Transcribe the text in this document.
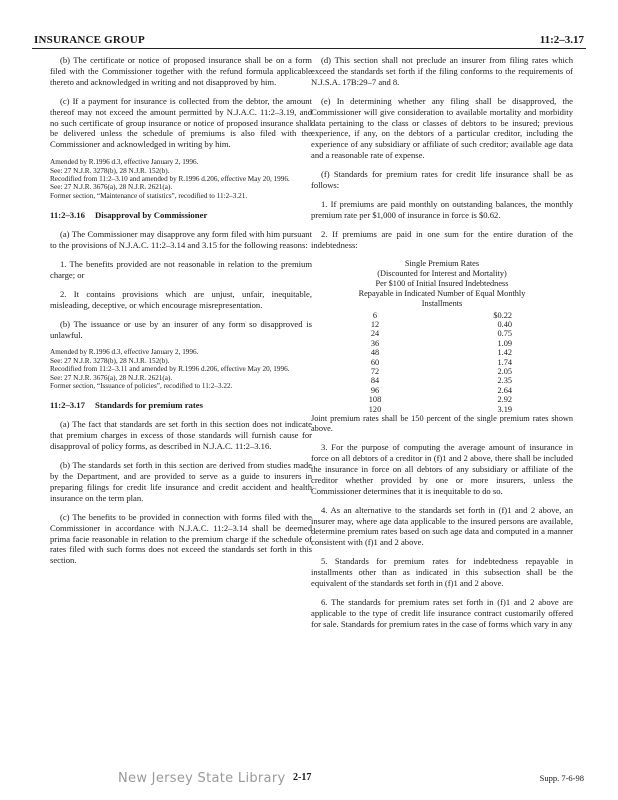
INSURANCE GROUP	11:2–3.17

(b) The certificate or notice of proposed insurance shall be on a form filed with the Commissioner together with the refund formula applicable thereto and acknowledged in writing and not disapproved by him.

(c) If a payment for insurance is collected from the debtor, the amount thereof may not exceed the amount permitted by N.J.A.C. 11:2–3.19, and no such certificate of group insurance or notice of proposed insurance shall be delivered unless the schedule of premiums is also filed with the Commissioner and acknowledged in writing by him.

Amended by R.1996 d.3, effective January 2, 1996.
See: 27 N.J.R. 3278(b), 28 N.J.R. 152(b).
Recodified from 11:2–3.10 and amended by R.1996 d.206, effective May 20, 1996.
See: 27 N.J.R. 3676(a), 28 N.J.R. 2621(a).
Former section, “Maintenance of statistics”, recodified to 11:2–3.21.

11:2–3.16 Disapproval by Commissioner

(a) The Commissioner may disapprove any form filed with him pursuant to the provisions of N.J.A.C. 11:2–3.14 and 3.15 for the following reasons:

1. The benefits provided are not reasonable in relation to the premium charge; or

2. It contains provisions which are unjust, unfair, inequitable, misleading, deceptive, or which encourage misrepresentation.

(b) The issuance or use by an insurer of any form so disapproved is unlawful.

Amended by R.1996 d.3, effective January 2, 1996.
See: 27 N.J.R. 3278(b), 28 N.J.R. 152(b).
Recodified from 11:2–3.11 and amended by R.1996 d.206, effective May 20, 1996.
See: 27 N.J.R. 3676(a), 28 N.J.R. 2621(a).
Former section, “Issuance of policies”, recodified to 11:2–3.22.

11:2–3.17 Standards for premium rates

(a) The fact that standards are set forth in this section does not indicate that premium charges in excess of those standards will furnish cause for disapproval of policy forms, as described in N.J.A.C. 11:2–3.16.

(b) The standards set forth in this section are derived from studies made by the Department, and are provided to serve as a guide to insurers in preparing filings for credit life insurance and credit accident and health insurance on the term plan.

(c) The benefits to be provided in connection with forms filed with the Commissioner in accordance with N.J.A.C. 11:2–3.14 shall be deemed prima facie reasonable in relation to the premium charge if the schedule of rates filed with such forms does not exceed the standards set forth in this section.

(d) This section shall not preclude an insurer from filing rates which exceed the standards set forth if the filing conforms to the requirements of N.J.S.A. 17B:29–7 and 8.

(e) In determining whether any filing shall be disapproved, the Commissioner will give consideration to available mortality and morbidity data pertaining to the class or classes of debtors to be insured; previous experience, if any, on the debtors of a particular creditor, including the experience of any subsidiary or affiliate of such creditor; available age data and a reasonable rate of expense.

(f) Standards for premium rates for credit life insurance shall be as follows:

1. If premiums are paid monthly on outstanding balances, the monthly premium rate per $1,000 of insurance in force is $0.62.

2. If premiums are paid in one sum for the entire duration of the indebtedness:

Single Premium Rates
(Discounted for Interest and Mortality)
Per $100 of Initial Insured Indebtedness
Repayable in Indicated Number of Equal Monthly
Installments
6	$0.22
12	0.40
24	0.75
36	1.09
48	1.42
60	1.74
72	2.05
84	2.35
96	2.64
108	2.92
120	3.19

Joint premium rates shall be 150 percent of the single premium rates shown above.

3. For the purpose of computing the average amount of insurance in force on all debtors of a creditor in (f)1 and 2 above, there shall be included the insurance in force on all debtors of any subsidiary or affiliate of the creditor whether provided by one or more insurers, unless the Commissioner determines that it is inequitable to do so.

4. As an alternative to the standards set forth in (f)1 and 2 above, an insurer may, where age data applicable to the insured persons are available, determine premium rates based on such age data and computed in a manner consistent with (f)1 and 2 above.

5. Standards for premium rates for indebtedness repayable in installments other than as indicated in this subsection shall be the equivalent of the standards set forth in (f)1 and 2 above.

6. The standards for premium rates set forth in (f)1 and 2 above are applicable to the type of credit life insurance contract customarily offered for sale. Standards for premium rates in the case of forms which vary in any

New Jersey State Library 2-17	Supp. 7-6-98
